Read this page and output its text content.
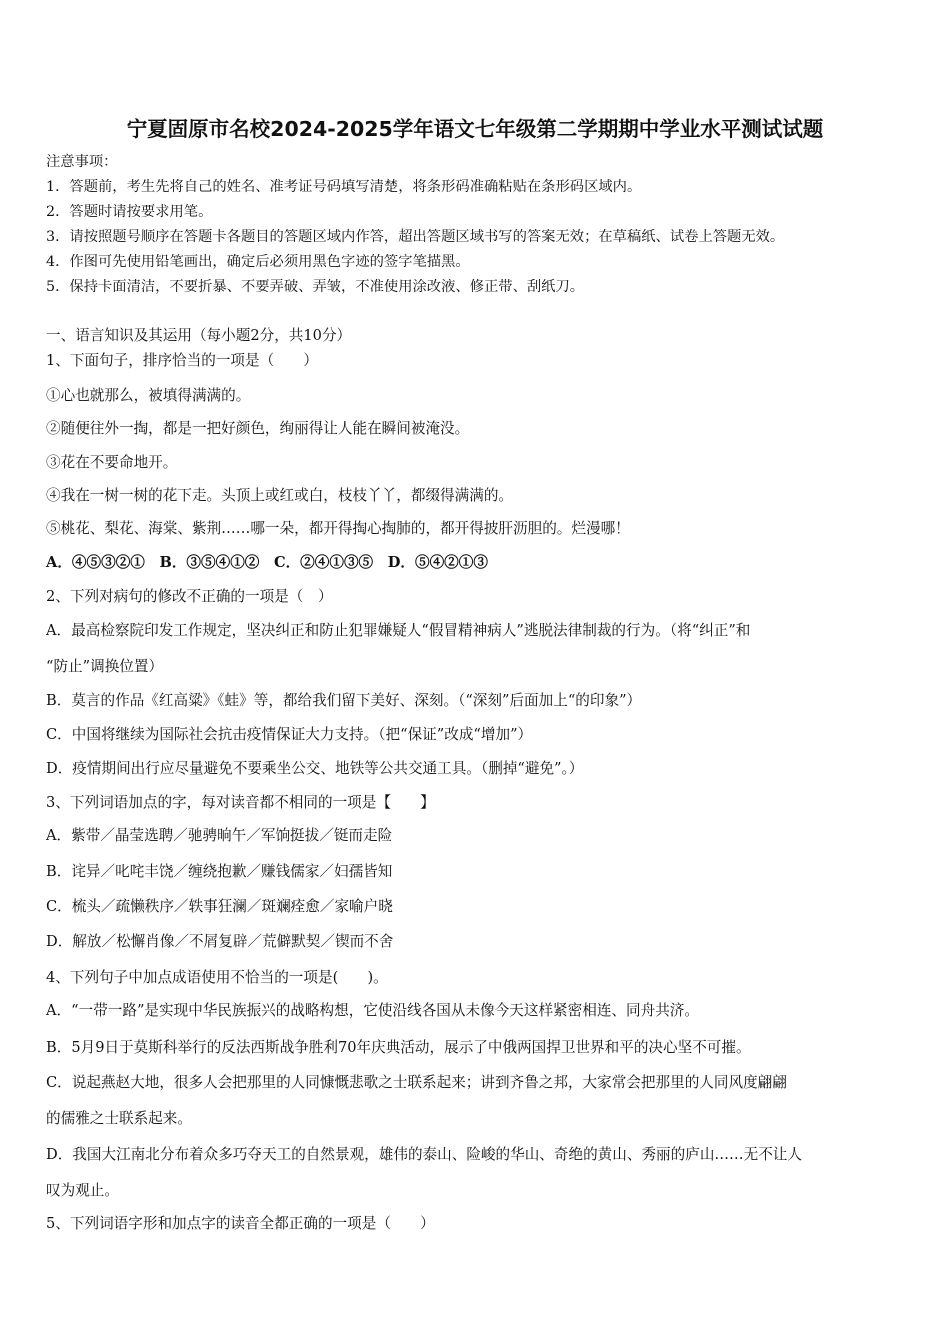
宁夏固原市名校2024-2025学年语文七年级第二学期期中学业水平测试试题
注意事项：
1．答题前，考生先将自己的姓名、准考证号码填写清楚，将条形码准确粘贴在条形码区域内。
2．答题时请按要求用笔。
3．请按照题号顺序在答题卡各题目的答题区域内作答，超出答题区域书写的答案无效；在草稿纸、试卷上答题无效。
4．作图可先使用铅笔画出，确定后必须用黑色字迹的签字笔描黑。
5．保持卡面清洁，不要折暴、不要弄破、弄皱，不准使用涂改液、修正带、刮纸刀。
一、语言知识及其运用（每小题2分，共10分）
1、下面句子，排序恰当的一项是（　　）
①心也就那么，被填得满满的。
②随便往外一掏，都是一把好颜色，绚丽得让人能在瞬间被淹没。
③花在不要命地开。
④我在一树一树的花下走。头顶上或红或白，枝枝丫丫，都缀得满满的。
⑤桃花、梨花、海棠、紫荆……哪一朵，都开得掏心掏肺的，都开得披肝沥胆的。烂漫哪！
A．④⑤③②①　B．③⑤④①②　C．②④①③⑤　D．⑤④②①③
2、下列对病句的修改不正确的一项是（　）
A．最高检察院印发工作规定，坚决纠正和防止犯罪嫌疑人“假冒精神病人”逃脱法律制裁的行为。（将“纠正”和
“防止”调换位置）
B．莫言的作品《红高粱》《蛙》等，都给我们留下美好、深刻。（“深刻”后面加上“的印象”）
C．中国将继续为国际社会抗击疫情保证大力支持。（把“保证”改成“增加”）
D．疫情期间出行应尽量避免不要乘坐公交、地铁等公共交通工具。（删掉“避免”。）
3、下列词语加点的字，每对读音都不相同的一项是【　　】
A．紫带／晶莹选聘／驰骋晌午／军饷挺拔／铤而走险
B．诧异／叱咤丰饶／缠绕抱歉／赚钱儒家／妇孺皆知
C．梳头／疏懒秩序／轶事狂澜／斑斓痊愈／家喻户晓
D．解放／松懈肖像／不屑复辟／荒僻默契／锲而不舍
4、下列句子中加点成语使用不恰当的一项是(　　)。
A．“一带一路”是实现中华民族振兴的战略构想，它使沿线各国从未像今天这样紧密相连、同舟共济。
B．5月9日于莫斯科举行的反法西斯战争胜利70年庆典活动，展示了中俄两国捍卫世界和平的决心坚不可摧。
C．说起燕赵大地，很多人会把那里的人同慷慨悲歌之士联系起来；讲到齐鲁之邦，大家常会把那里的人同风度翩翩
的儒雅之士联系起来。
D．我国大江南北分布着众多巧夺天工的自然景观，雄伟的泰山、险峻的华山、奇绝的黄山、秀丽的庐山……无不让人
叹为观止。
5、下列词语字形和加点字的读音全都正确的一项是（　　）
